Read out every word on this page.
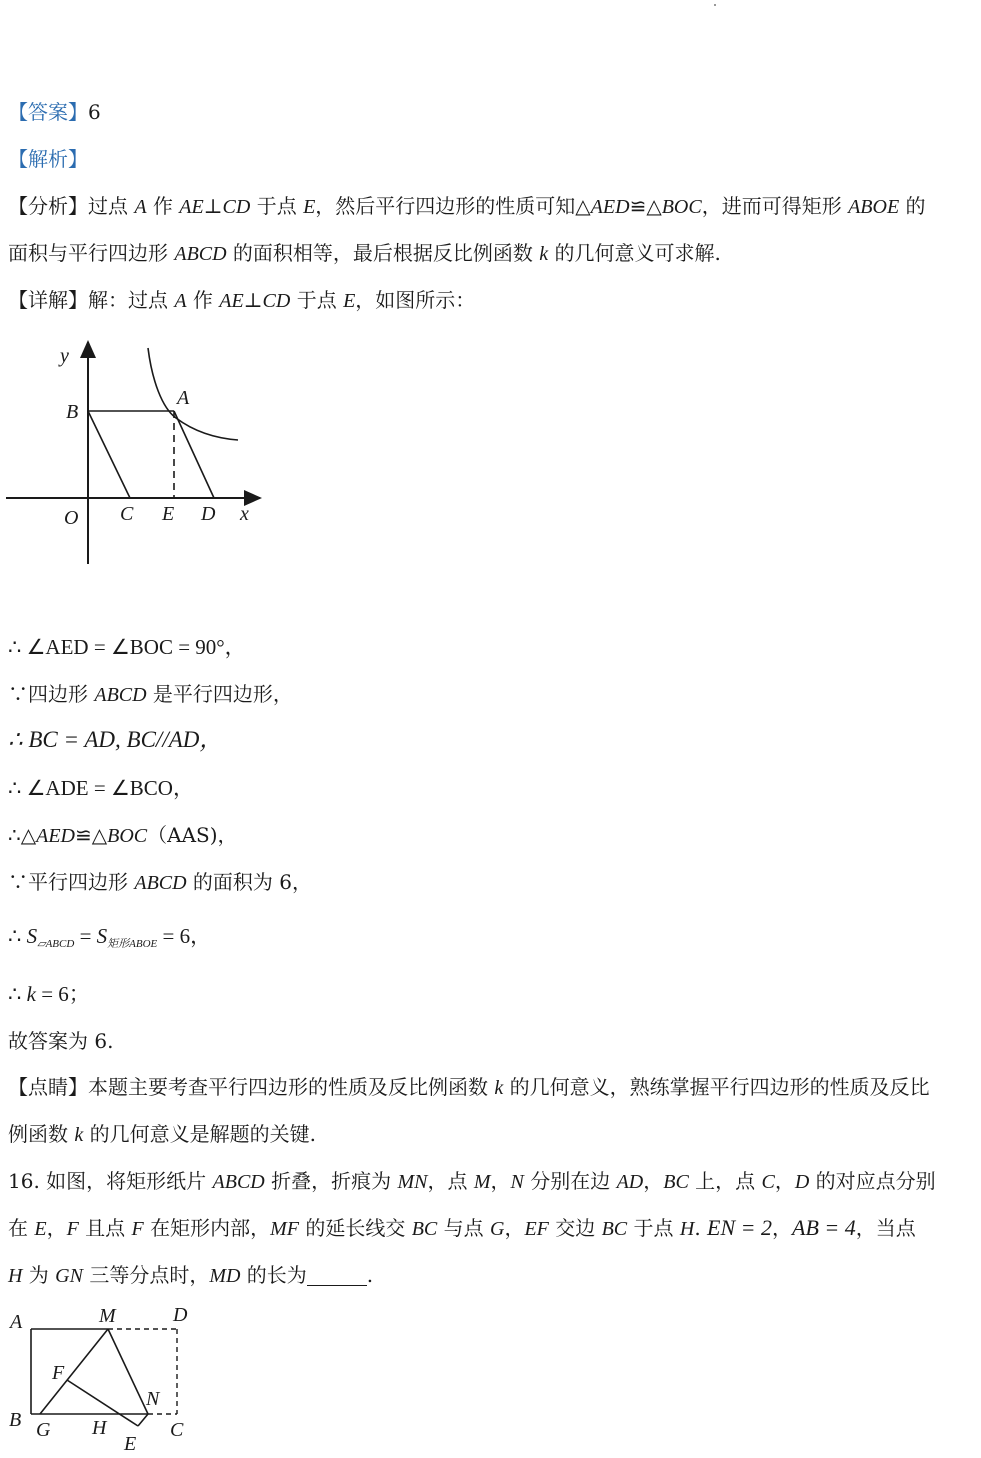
【答案】6
【解析】
【分析】过点 A 作 AE⊥CD 于点 E，然后平行四边形的性质可知△AED≌△BOC，进而可得矩形 ABOE 的
面积与平行四边形 ABCD 的面积相等，最后根据反比例函数 k 的几何意义可求解.
【详解】解：过点 A 作 AE⊥CD 于点 E，如图所示：
y
B
A
O C E D x
∴ ∠AED = ∠BOC = 90°，
∵四边形 ABCD 是平行四边形，
∴ BC = AD, BC//AD，
∴ ∠ADE = ∠BCO，
∴△AED≌△BOC（AAS)，
∵平行四边形 ABCD 的面积为 6，
∴ $S_{▱ABCD} = S_{矩形ABOE} = 6$，
∴ k = 6；
故答案为 6.
【点睛】本题主要考查平行四边形的性质及反比例函数 k 的几何意义，熟练掌握平行四边形的性质及反比
例函数 k 的几何意义是解题的关键.
16. 如图，将矩形纸片 ABCD 折叠，折痕为 MN，点 M，N 分别在边 AD，BC 上，点 C，D 的对应点分别
在 E，F 且点 F 在矩形内部，MF 的延长线交 BC 与点 G，EF 交边 BC 于点 H. EN = 2，AB = 4，当点
H 为 GN 三等分点时，MD 的长为	.
A	M	D
F
N
B G H
E
C
